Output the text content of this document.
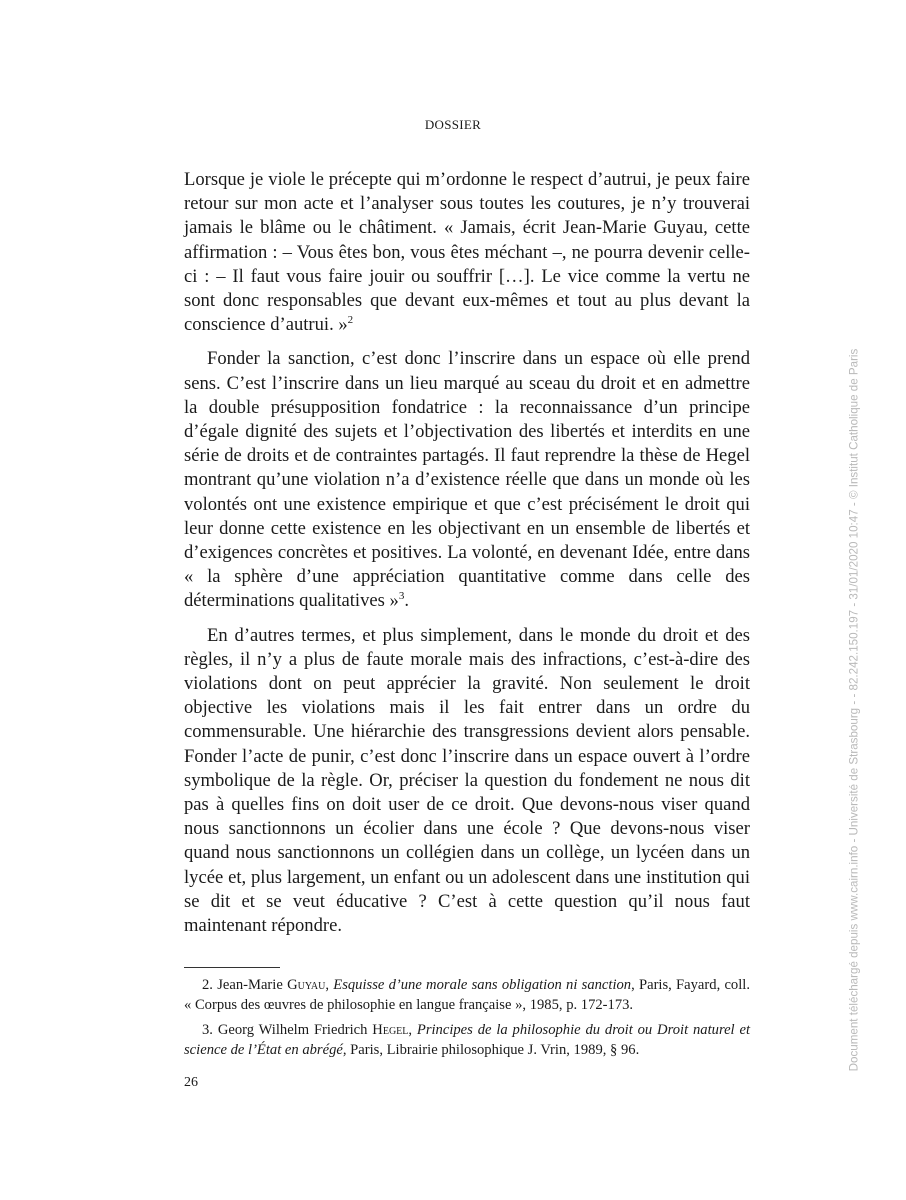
DOSSIER

Lorsque je viole le précepte qui m’ordonne le respect d’autrui, je peux faire retour sur mon acte et l’analyser sous toutes les coutures, je n’y trouverai jamais le blâme ou le châtiment. « Jamais, écrit Jean-Marie Guyau, cette affirmation : – Vous êtes bon, vous êtes méchant –, ne pourra devenir celle-ci : – Il faut vous faire jouir ou souffrir […]. Le vice comme la vertu ne sont donc responsables que devant eux-mêmes et tout au plus devant la conscience d’autrui. »$^2$

Fonder la sanction, c’est donc l’inscrire dans un espace où elle prend sens. C’est l’inscrire dans un lieu marqué au sceau du droit et en admettre la double présupposition fondatrice : la reconnaissance d’un principe d’égale dignité des sujets et l’objectivation des libertés et interdits en une série de droits et de contraintes partagés. Il faut reprendre la thèse de Hegel montrant qu’une violation n’a d’existence réelle que dans un monde où les volontés ont une existence empirique et que c’est précisément le droit qui leur donne cette existence en les objectivant en un ensemble de libertés et d’exigences concrètes et positives. La volonté, en devenant Idée, entre dans « la sphère d’une appréciation quantitative comme dans celle des déterminations qualitatives »$^3$.

En d’autres termes, et plus simplement, dans le monde du droit et des règles, il n’y a plus de faute morale mais des infractions, c’est-à-dire des violations dont on peut apprécier la gravité. Non seulement le droit objective les violations mais il les fait entrer dans un ordre du commensurable. Une hiérarchie des transgressions devient alors pensable. Fonder l’acte de punir, c’est donc l’inscrire dans un espace ouvert à l’ordre symbolique de la règle. Or, préciser la question du fondement ne nous dit pas à quelles fins on doit user de ce droit. Que devons-nous viser quand nous sanctionnons un écolier dans une école ? Que devons-nous viser quand nous sanctionnons un collégien dans un collège, un lycéen dans un lycée et, plus largement, un enfant ou un adolescent dans une institution qui se dit et se veut éducative ? C’est à cette question qu’il nous faut maintenant répondre.

2. Jean-Marie Guyau, Esquisse d’une morale sans obligation ni sanction, Paris, Fayard, coll. « Corpus des œuvres de philosophie en langue française », 1985, p. 172-173.

3. Georg Wilhelm Friedrich Hegel, Principes de la philosophie du droit ou Droit naturel et science de l’État en abrégé, Paris, Librairie philosophique J. Vrin, 1989, § 96.

26
Document téléchargé depuis www.cairn.info - Université de Strasbourg - - 82.242.150.197 - 31/01/2020 10:47 - © Institut Catholique de Paris
